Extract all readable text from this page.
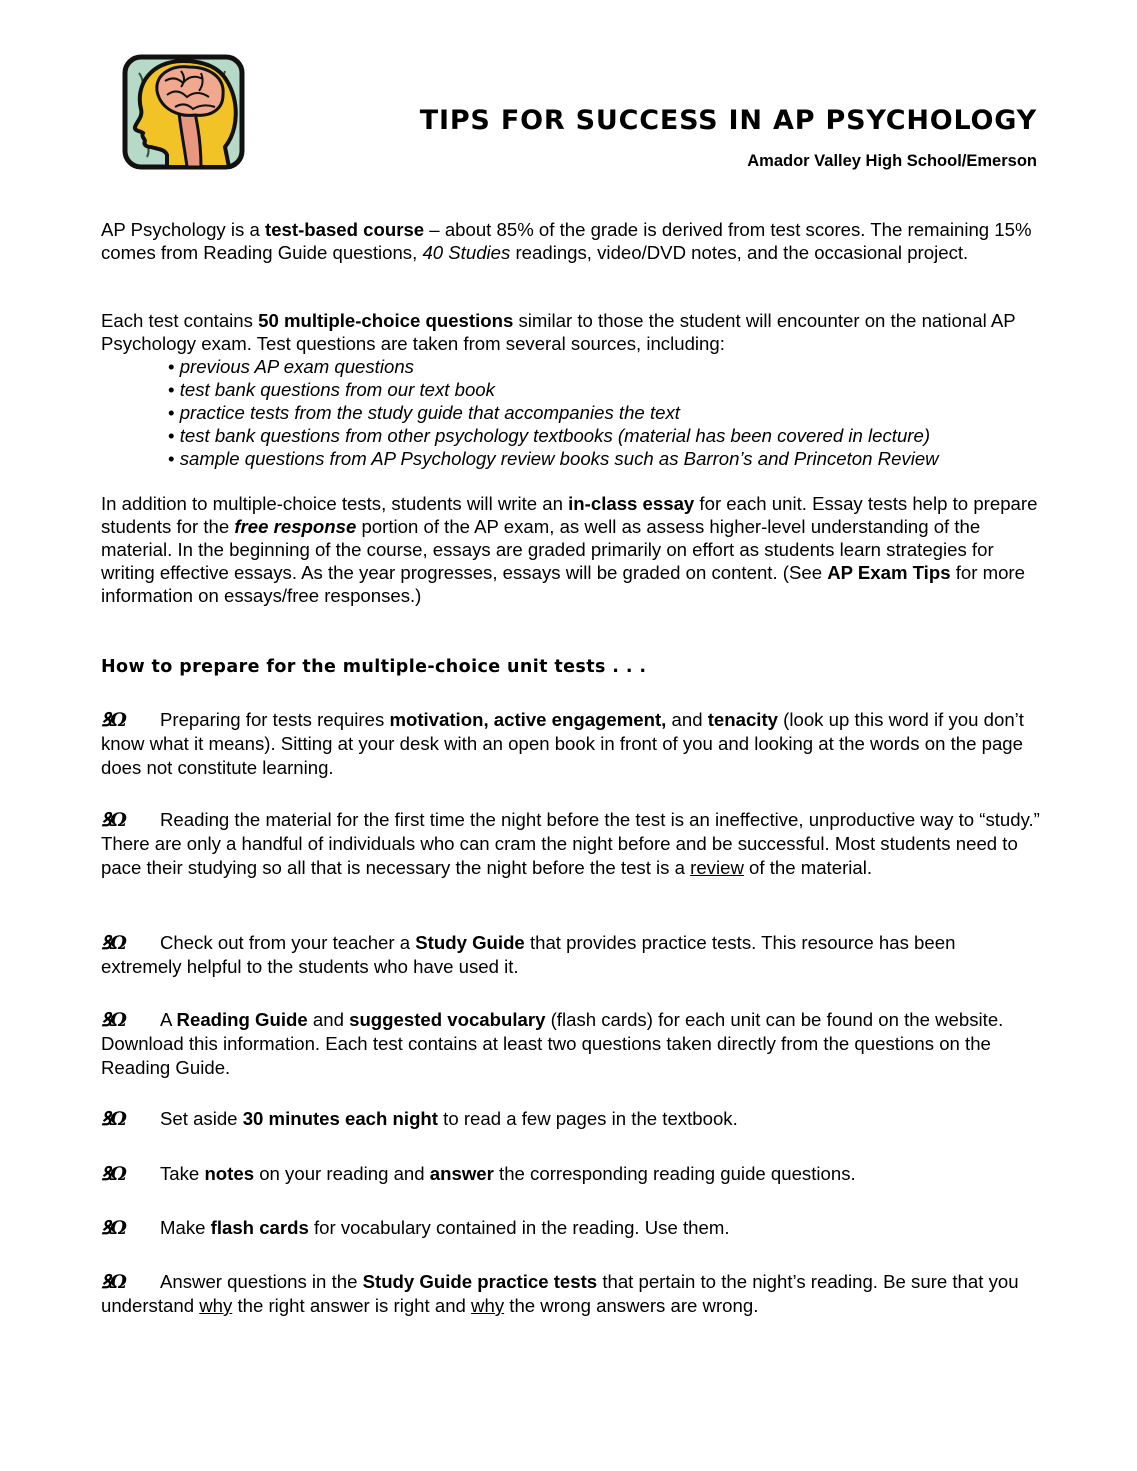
TIPS FOR SUCCESS IN AP PSYCHOLOGY
Amador Valley High School/Emerson

AP Psychology is a test-based course – about 85% of the grade is derived from test scores. The remaining 15% comes from Reading Guide questions, 40 Studies readings, video/DVD notes, and the occasional project.

Each test contains 50 multiple-choice questions similar to those the student will encounter on the national AP Psychology exam. Test questions are taken from several sources, including:

• previous AP exam questions
• test bank questions from our text book
• practice tests from the study guide that accompanies the text
• test bank questions from other psychology textbooks (material has been covered in lecture)
• sample questions from AP Psychology review books such as Barron’s and Princeton Review

In addition to multiple-choice tests, students will write an in-class essay for each unit. Essay tests help to prepare students for the free response portion of the AP exam, as well as assess higher-level understanding of the material. In the beginning of the course, essays are graded primarily on effort as students learn strategies for writing effective essays. As the year progresses, essays will be graded on content. (See AP Exam Tips for more information on essays/free responses.)

How to prepare for the multiple-choice unit tests . . .

ꝸΩ Preparing for tests requires motivation, active engagement, and tenacity (look up this word if you don’t know what it means). Sitting at your desk with an open book in front of you and looking at the words on the page does not constitute learning.

ꝸΩ Reading the material for the first time the night before the test is an ineffective, unproductive way to “study.” There are only a handful of individuals who can cram the night before and be successful. Most students need to pace their studying so all that is necessary the night before the test is a review of the material.

ꝸΩ Check out from your teacher a Study Guide that provides practice tests. This resource has been extremely helpful to the students who have used it.

ꝸΩ A Reading Guide and suggested vocabulary (flash cards) for each unit can be found on the website. Download this information. Each test contains at least two questions taken directly from the questions on the Reading Guide.

ꝸΩ Set aside 30 minutes each night to read a few pages in the textbook.

ꝸΩ Take notes on your reading and answer the corresponding reading guide questions.

ꝸΩ Make flash cards for vocabulary contained in the reading. Use them.

ꝸΩ Answer questions in the Study Guide practice tests that pertain to the night’s reading. Be sure that you understand why the right answer is right and why the wrong answers are wrong.
